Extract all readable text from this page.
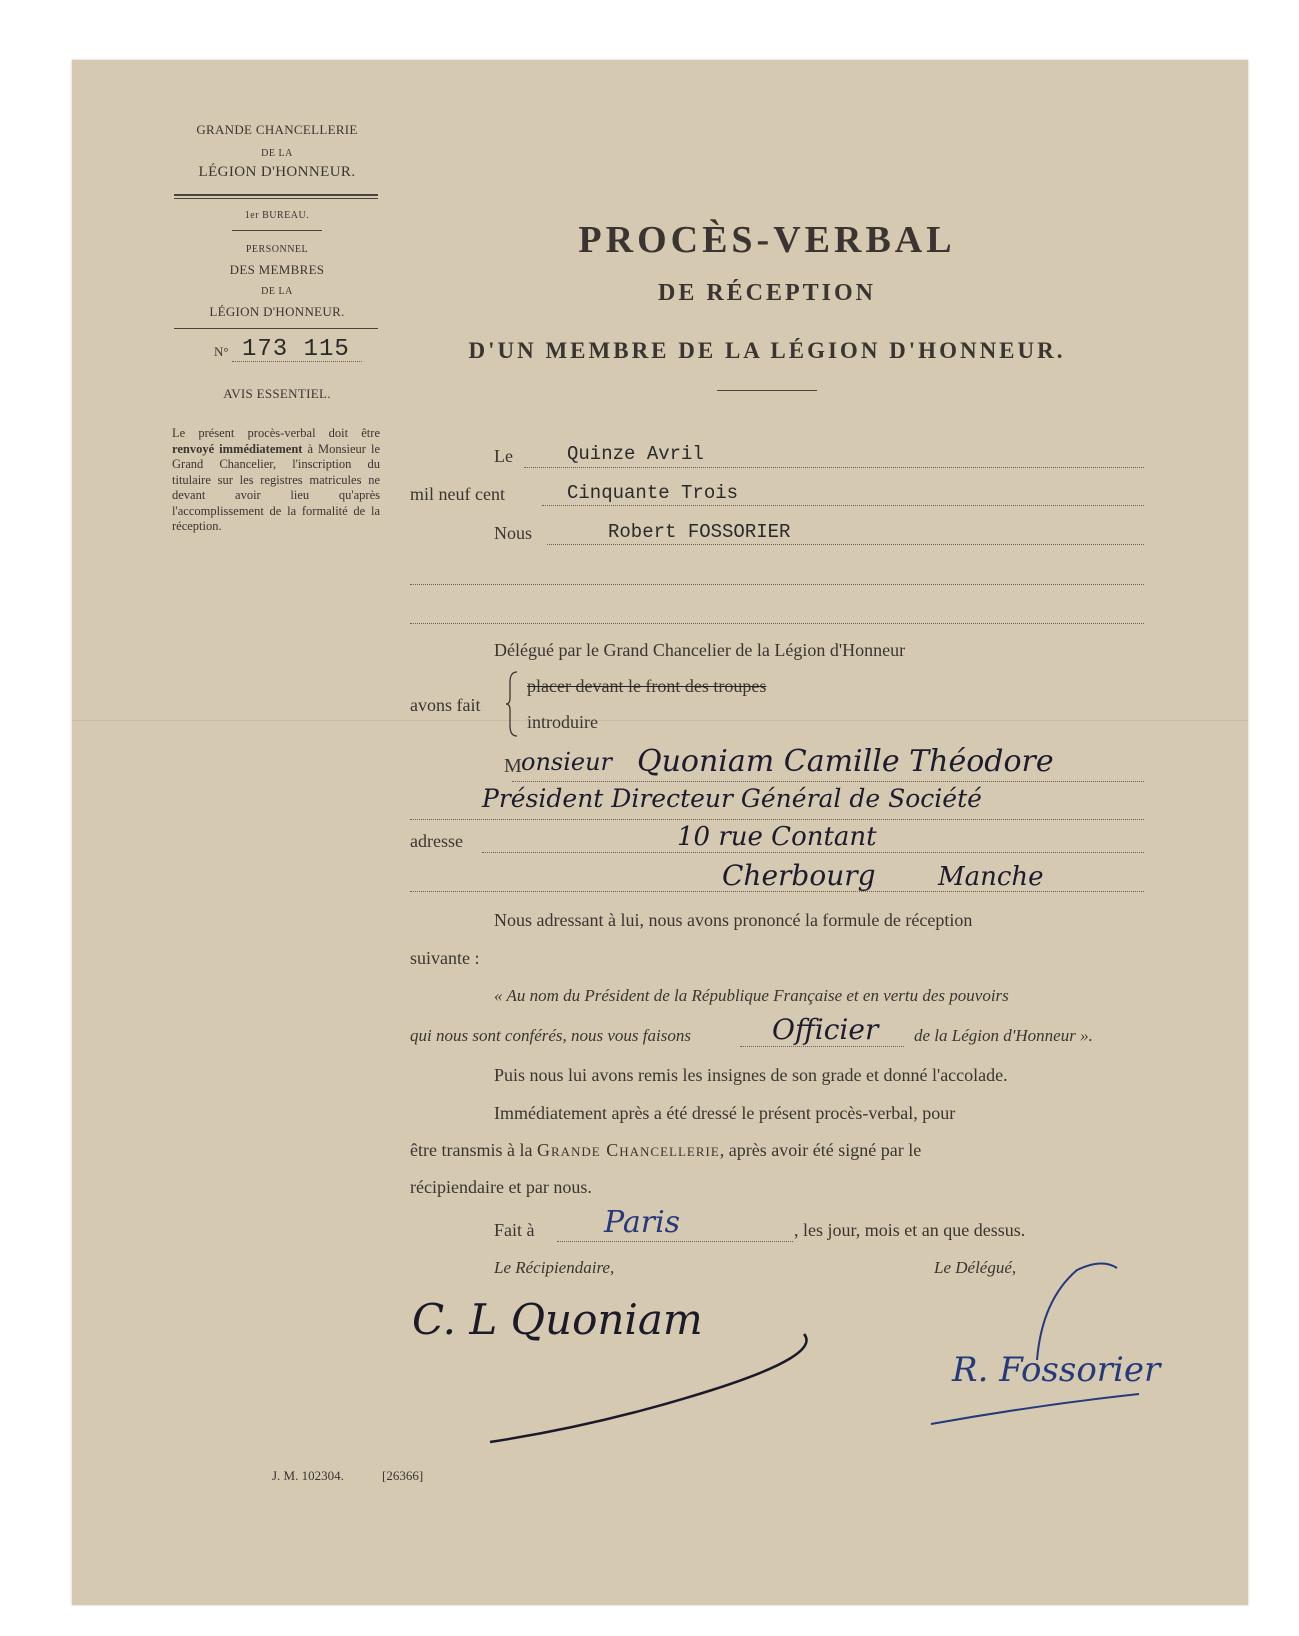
GRANDE CHANCELLERIE
DE LA
LÉGION D'HONNEUR.
1er BUREAU.
PERSONNEL
DES MEMBRES
DE LA
LÉGION D'HONNEUR.
N° 173 115
AVIS ESSENTIEL.
Le présent procès-verbal doit être renvoyé immédiatement à Monsieur le Grand Chancelier, l'inscription du titulaire sur les registres matricules ne devant avoir lieu qu'après l'accomplissement de la formalité de la réception.
PROCÈS-VERBAL
DE RÉCEPTION
D'UN MEMBRE DE LA LÉGION D'HONNEUR.
Le	Quinze Avril
mil neuf cent	Cinquante Trois
Nous	Robert FOSSORIER
Délégué par le Grand Chancelier de la Légion d'Honneur
avons fait
placer devant le front des troupes
introduire
M onsieur Quoniam Camille Théodore
Président Directeur Général de Société
adresse	10 rue Contant
Cherbourg Manche
Nous adressant à lui, nous avons prononcé la formule de réception
suivante :
« Au nom du Président de la République Française et en vertu des pouvoirs
qui nous sont conférés, nous vous faisons	Officier de la Légion d'Honneur ».
Puis nous lui avons remis les insignes de son grade et donné l'accolade.
Immédiatement après a été dressé le présent procès-verbal, pour
être transmis à la Grande Chancellerie, après avoir été signé par le
récipiendaire et par nous.
Fait à Paris	, les jour, mois et an que dessus.
Le Récipiendaire,	Le Délégué,
C. L Quoniam
R. Fossorier
J. M. 102304.	[26366]
